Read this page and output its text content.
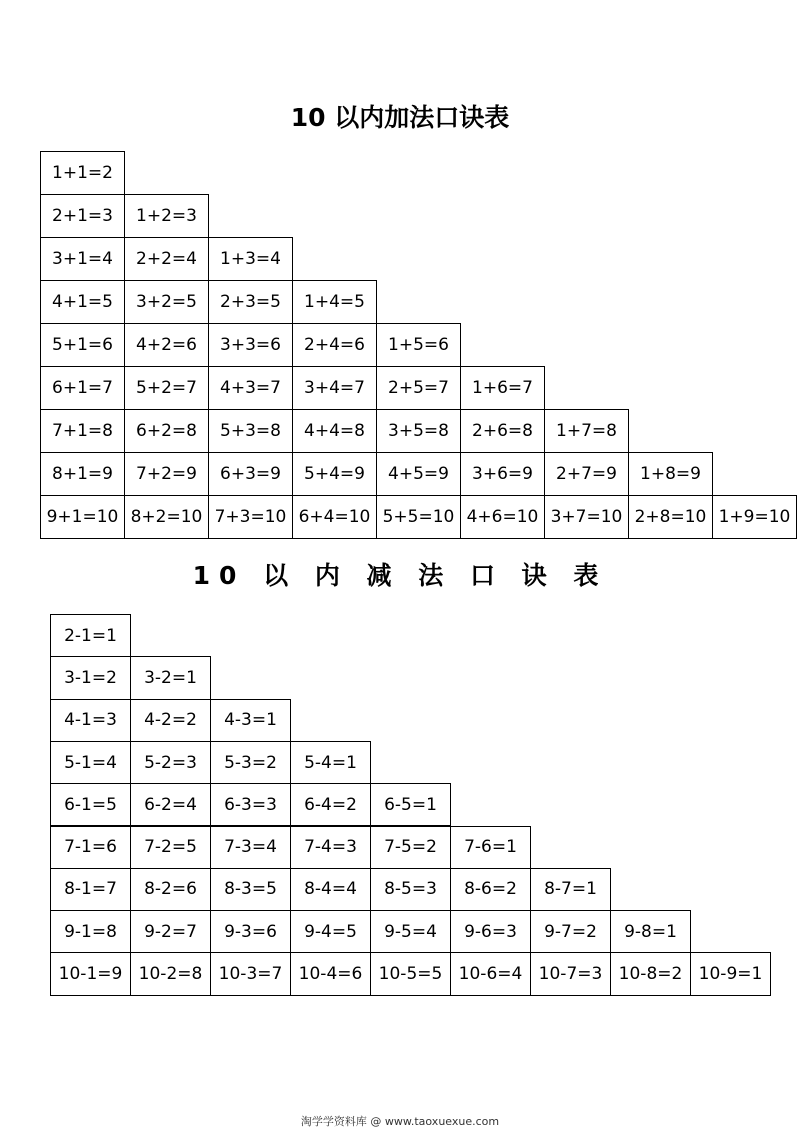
10 以内加法口诀表
1+1=2
2+1=3	1+2=3
3+1=4	2+2=4	1+3=4
4+1=5	3+2=5	2+3=5	1+4=5
5+1=6	4+2=6	3+3=6	2+4=6	1+5=6
6+1=7	5+2=7	4+3=7	3+4=7	2+5=7	1+6=7
7+1=8	6+2=8	5+3=8	4+4=8	3+5=8	2+6=8	1+7=8
8+1=9	7+2=9	6+3=9	5+4=9	4+5=9	3+6=9	2+7=9	1+8=9
9+1=10 8+2=10 7+3=10 6+4=10 5+5=10 4+6=10 3+7=10 2+8=10 1+9=10
10 以 内 减 法 口 诀 表
2-1=1
3-1=2	3-2=1
4-1=3	4-2=2	4-3=1
5-1=4	5-2=3	5-3=2	5-4=1
6-1=5	6-2=4	6-3=3	6-4=2	6-5=1
7-1=6	7-2=5	7-3=4	7-4=3	7-5=2	7-6=1
8-1=7	8-2=6	8-3=5	8-4=4	8-5=3	8-6=2	8-7=1
9-1=8	9-2=7	9-3=6	9-4=5	9-5=4	9-6=3	9-7=2	9-8=1
10-1=9 10-2=8 10-3=7 10-4=6 10-5=5 10-6=4 10-7=3 10-8=2 10-9=1
淘学学资料库 @ www.taoxuexue.com
